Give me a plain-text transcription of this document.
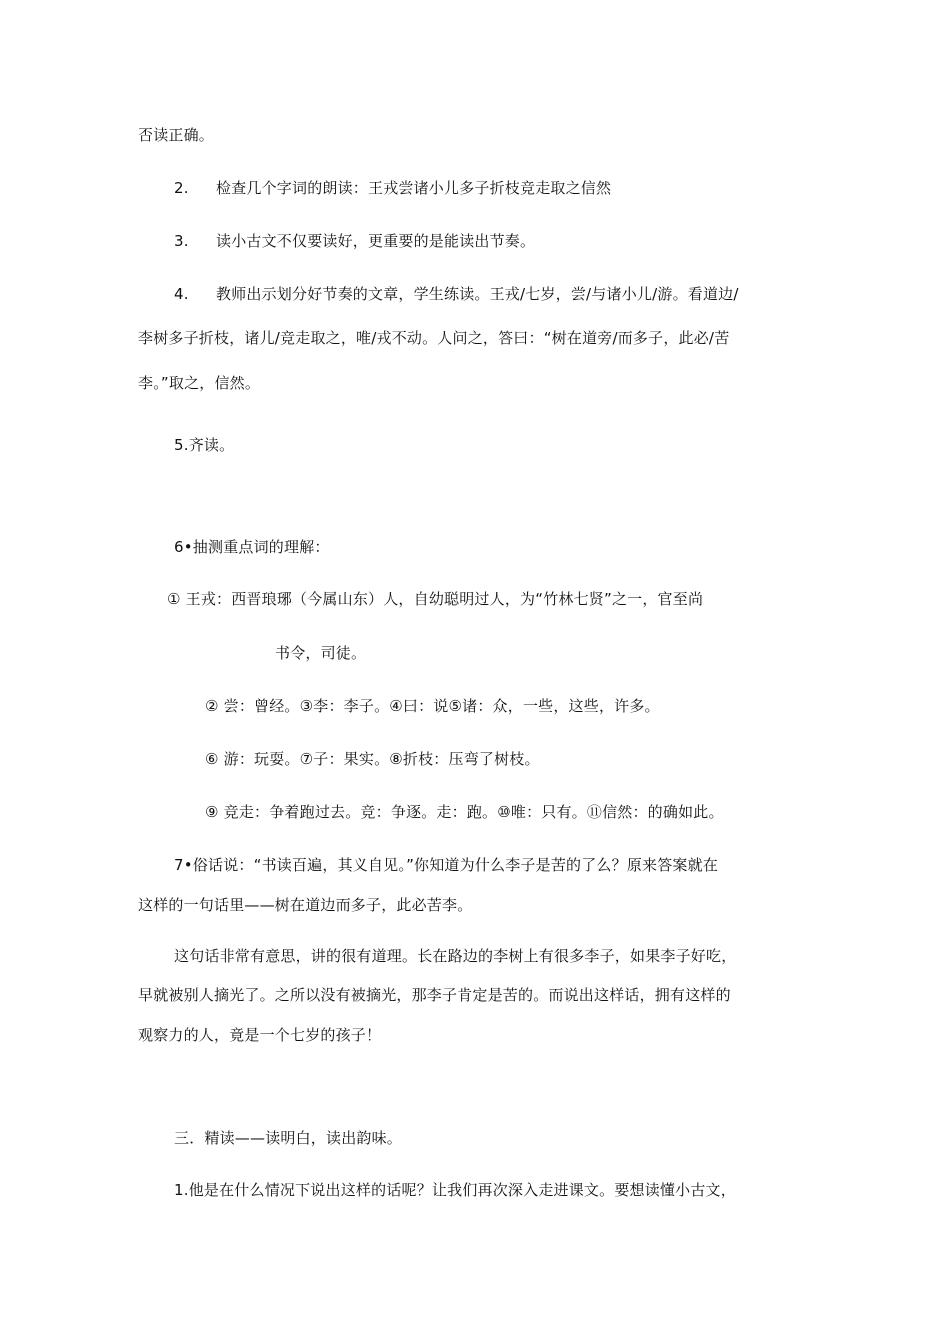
否读正确。
2. 检查几个字词的朗读：王戎尝诸小儿多子折枝竞走取之信然
3. 读小古文不仅要读好，更重要的是能读出节奏。
4. 教师出示划分好节奏的文章，学生练读。王戎/七岁，尝/与诸小儿/游。看道边/
李树多子折枝，诸儿/竞走取之，唯/戎不动。人问之，答曰：“树在道旁/而多子，此必/苦
李。”取之，信然。
5.齐读。
6•抽测重点词的理解：
① 王戎：西晋琅琊（今属山东）人，自幼聪明过人，为“竹林七贤”之一，官至尚
书令，司徒。
② 尝：曾经。③李：李子。④曰：说⑤诸：众，一些，这些，许多。
⑥ 游：玩耍。⑦子：果实。⑧折枝：压弯了树枝。
⑨ 竞走：争着跑过去。竞：争逐。走：跑。⑩唯：只有。⑪信然：的确如此。
7•俗话说：“书读百遍，其义自见。”你知道为什么李子是苦的了么？原来答案就在
这样的一句话里——树在道边而多子，此必苦李。
这句话非常有意思，讲的很有道理。长在路边的李树上有很多李子，如果李子好吃，
早就被别人摘光了。之所以没有被摘光，那李子肯定是苦的。而说出这样话，拥有这样的
观察力的人，竟是一个七岁的孩子！
三．精读——读明白，读出韵味。
1.他是在什么情况下说出这样的话呢？让我们再次深入走进课文。要想读懂小古文，
